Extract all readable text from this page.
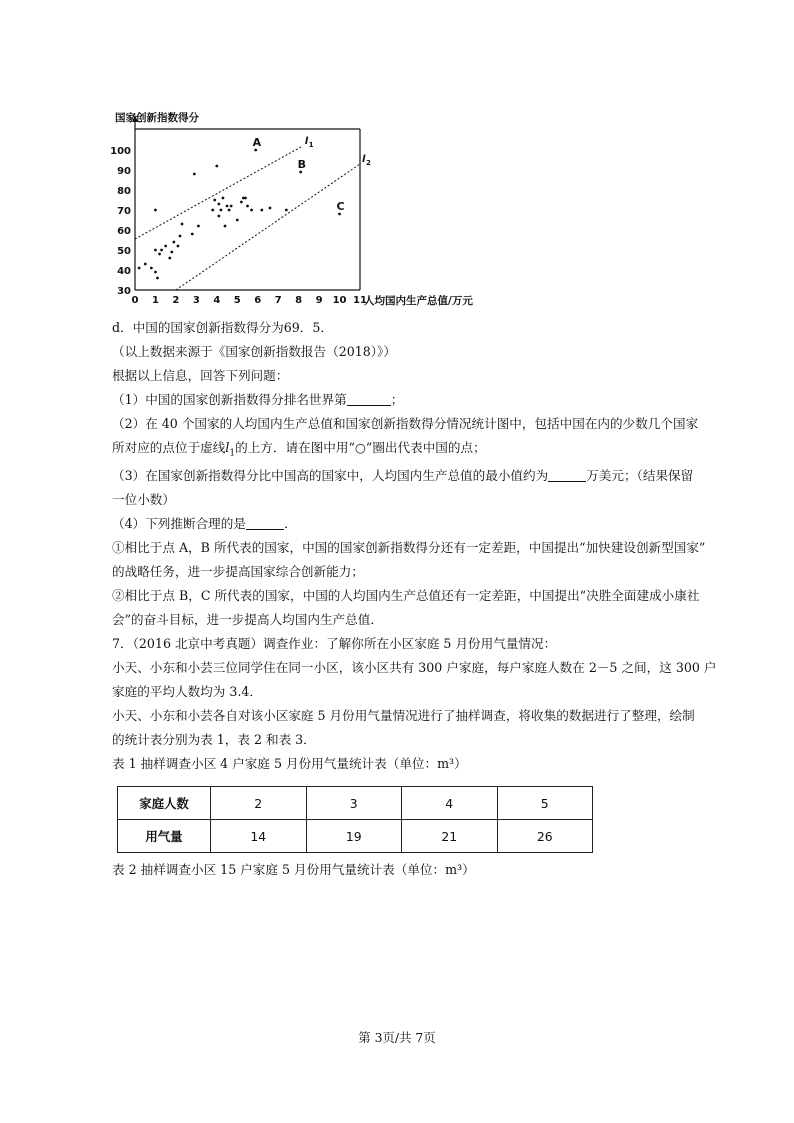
国家创新指数得分
人均国内生产总值/万元
0 1 2 3 4 5 6 7 8 9 10 11
30
40
50
60
70
80
90
100
l 1
l 2
A
B
C
d．中国的国家创新指数得分为69．5．
（以上数据来源于《国家创新指数报告（2018）》）
根据以上信息，回答下列问题：
（1）中国的国家创新指数得分排名世界第	；
（2）在 40 个国家的人均国内生产总值和国家创新指数得分情况统计图中，包括中国在内的少数几个国家
所对应的点位于虚线$l_1$的上方．请在图中用“○”圈出代表中国的点；
（3）在国家创新指数得分比中国高的国家中，人均国内生产总值的最小值约为	万美元；（结果保留
一位小数）
（4）下列推断合理的是	．
①相比于点 A，B 所代表的国家，中国的国家创新指数得分还有一定差距，中国提出“加快建设创新型国家”
的战略任务，进一步提高国家综合创新能力；
②相比于点 B，C 所代表的国家，中国的人均国内生产总值还有一定差距，中国提出“决胜全面建成小康社
会”的奋斗目标，进一步提高人均国内生产总值．
7．（2016 北京中考真题）调查作业：了解你所在小区家庭 5 月份用气量情况：
小天、小东和小芸三位同学住在同一小区，该小区共有 300 户家庭，每户家庭人数在 2－5 之间，这 300 户
家庭的平均人数均为 3.4．
小天、小东和小芸各自对该小区家庭 5 月份用气量情况进行了抽样调查，将收集的数据进行了整理，绘制
的统计表分别为表 1，表 2 和表 3．
表 1 抽样调查小区 4 户家庭 5 月份用气量统计表（单位：m³）
家庭人数	2	3	4	5
用气量	14	19	21	26
表 2 抽样调查小区 15 户家庭 5 月份用气量统计表（单位：m³）
第 3页/共 7页
